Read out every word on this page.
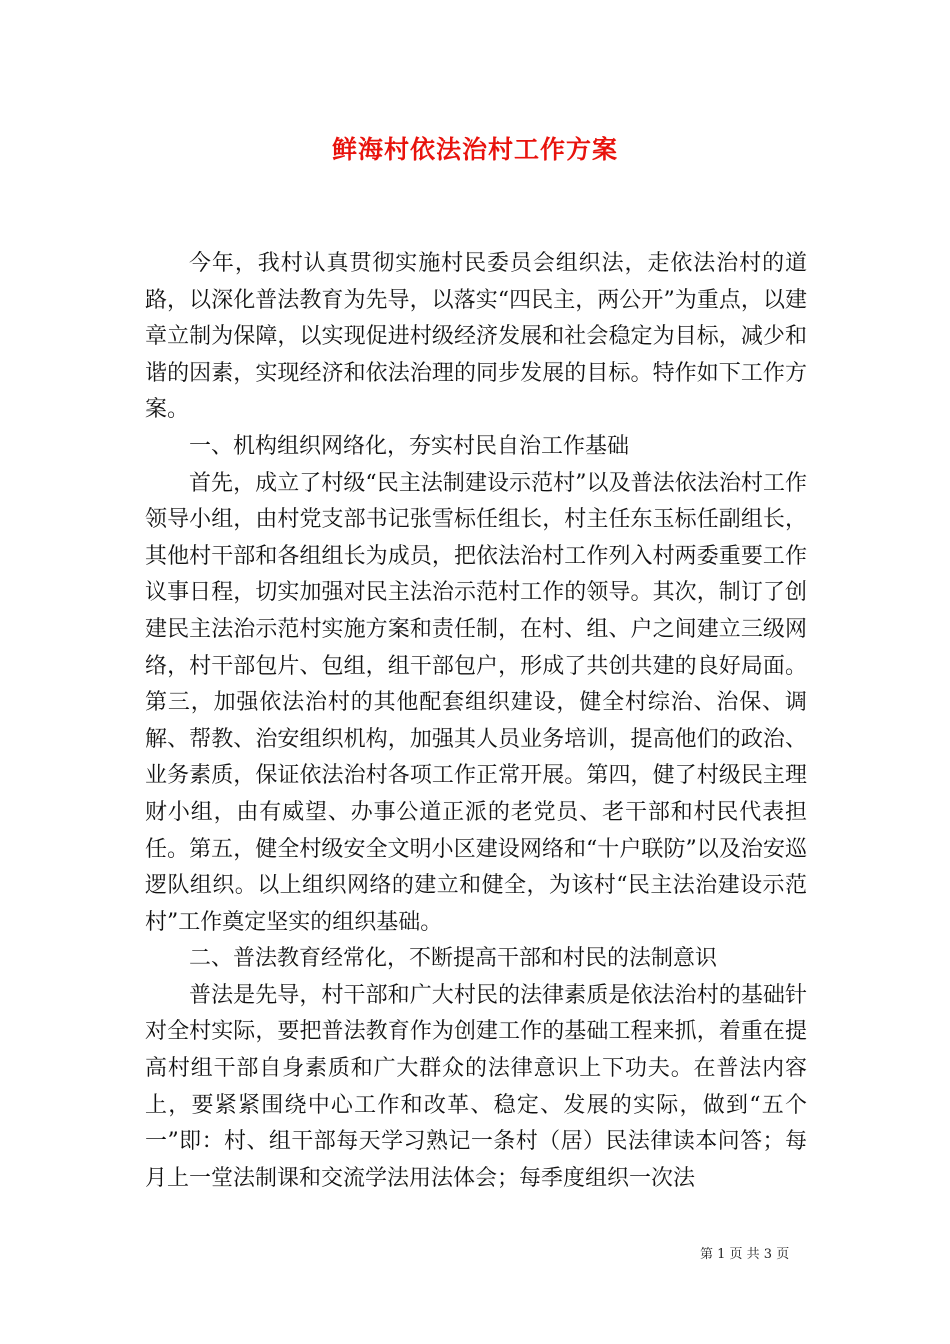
鲜海村依法治村工作方案

今年，我村认真贯彻实施村民委员会组织法，走依法治村的道路，以深化普法教育为先导，以落实“四民主，两公开”为重点，以建章立制为保障，以实现促进村级经济发展和社会稳定为目标，减少和谐的因素，实现经济和依法治理的同步发展的目标。特作如下工作方案。

一、机构组织网络化，夯实村民自治工作基础

首先，成立了村级“民主法制建设示范村”以及普法依法治村工作领导小组，由村党支部书记张雪标任组长，村主任东玉标任副组长，其他村干部和各组组长为成员，把依法治村工作列入村两委重要工作议事日程，切实加强对民主法治示范村工作的领导。其次，制订了创建民主法治示范村实施方案和责任制，在村、组、户之间建立三级网络，村干部包片、包组，组干部包户，形成了共创共建的良好局面。第三，加强依法治村的其他配套组织建设，健全村综治、治保、调解、帮教、治安组织机构，加强其人员业务培训，提高他们的政治、业务素质，保证依法治村各项工作正常开展。第四，健了村级民主理财小组，由有威望、办事公道正派的老党员、老干部和村民代表担任。第五，健全村级安全文明小区建设网络和“十户联防”以及治安巡逻队组织。以上组织网络的建立和健全，为该村“民主法治建设示范村”工作奠定坚实的组织基础。

二、普法教育经常化，不断提高干部和村民的法制意识

普法是先导，村干部和广大村民的法律素质是依法治村的基础针对全村实际，要把普法教育作为创建工作的基础工程来抓，着重在提高村组干部自身素质和广大群众的法律意识上下功夫。在普法内容上，要紧紧围绕中心工作和改革、稳定、发展的实际，做到“五个一”即：村、组干部每天学习熟记一条村（居）民法律读本问答；每月上一堂法制课和交流学法用法体会；每季度组织一次法

第 1 页 共 3 页
